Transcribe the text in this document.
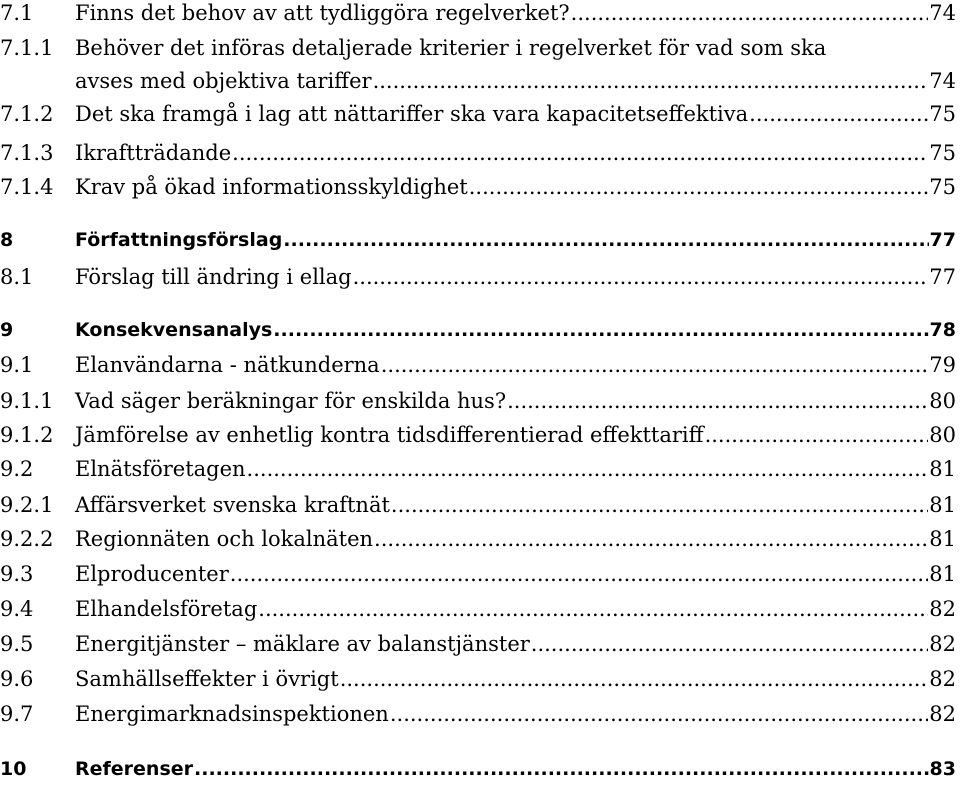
7.1	Finns det behov av att tydliggöra regelverket? .....	74
7.1.1	Behöver det införas detaljerade kriterier i regelverket för vad som ska
avses med objektiva tariffer .....	74
7.1.2	Det ska framgå i lag att nättariffer ska vara kapacitetseffektiva .....	75
7.1.3	Ikraftträdande .....	75
7.1.4	Krav på ökad informationsskyldighet .....	75
8	Författningsförslag .....	77
8.1	Förslag till ändring i ellag .....	77
9	Konsekvensanalys .....	78
9.1	Elanvändarna - nätkunderna .....	79
9.1.1	Vad säger beräkningar för enskilda hus? .....	80
9.1.2	Jämförelse av enhetlig kontra tidsdifferentierad effekttariff .....	80
9.2	Elnätsföretagen .....	81
9.2.1	Affärsverket svenska kraftnät .....	81
9.2.2	Regionnäten och lokalnäten .....	81
9.3	Elproducenter .....	81
9.4	Elhandelsföretag .....	82
9.5	Energitjänster – mäklare av balanstjänster .....	82
9.6	Samhällseffekter i övrigt .....	82
9.7	Energimarknadsinspektionen .....	82
10	Referenser .....	83
